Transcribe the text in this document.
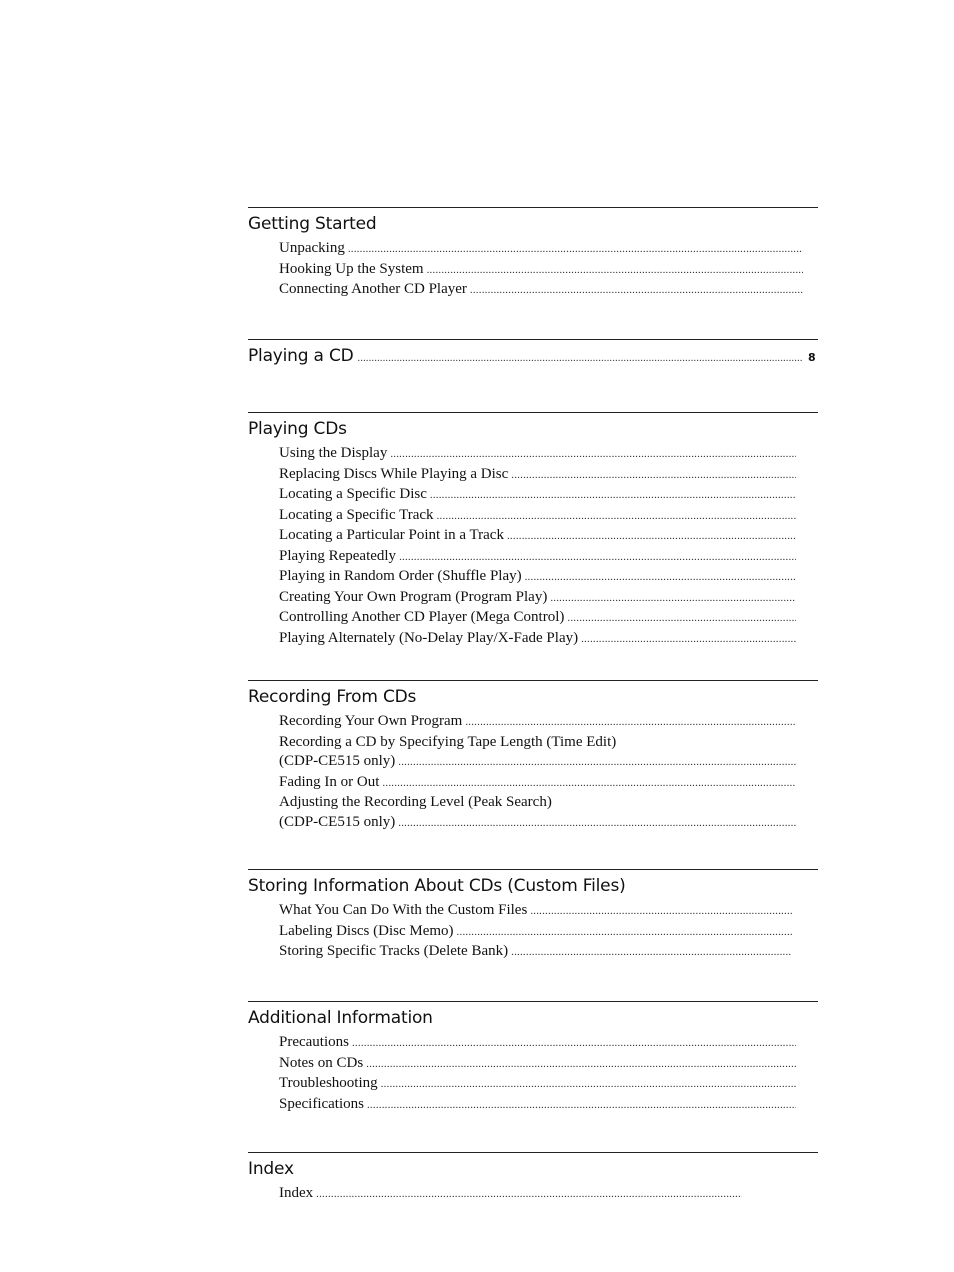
Getting Started
Unpacking
.....
Hooking Up the System
.....
Connecting Another CD Player
.....
Playing a CD
.....	8
Playing CDs
Using the Display
.....
Replacing Discs While Playing a Disc
.....
Locating a Specific Disc
.....
Locating a Specific Track
.....
Locating a Particular Point in a Track
.....
Playing Repeatedly
.....
Playing in Random Order (Shuffle Play)
.....
Creating Your Own Program (Program Play)
.....
Controlling Another CD Player (Mega Control)
.....
Playing Alternately (No-Delay Play/X-Fade Play)
.....
Recording From CDs
Recording Your Own Program
.....
Recording a CD by Specifying Tape Length (Time Edit)
(CDP-CE515 only)
.....
Fading In or Out
.....
Adjusting the Recording Level (Peak Search)
(CDP-CE515 only)
.....
Storing Information About CDs (Custom Files)
What You Can Do With the Custom Files
.....
Labeling Discs (Disc Memo)
.....
Storing Specific Tracks (Delete Bank)
.....
Additional Information
Precautions
.....
Notes on CDs
.....
Troubleshooting
.....
Specifications
.....
Index
Index
.....
